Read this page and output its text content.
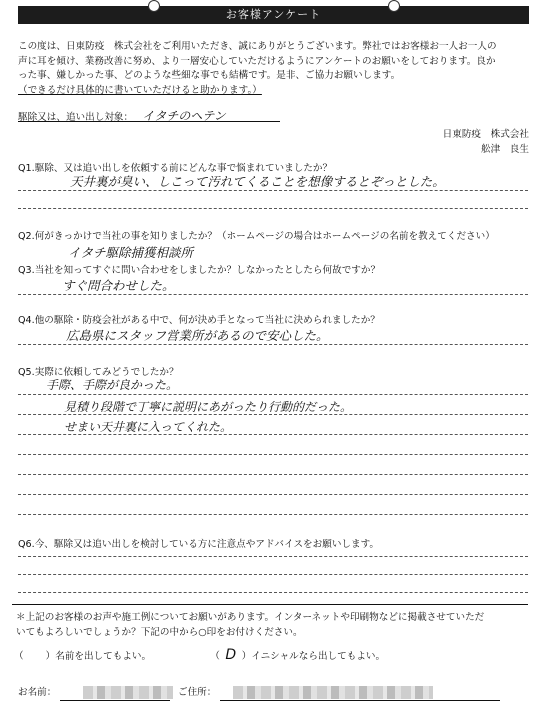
お客様アンケート

この度は、日東防疫　株式会社をご利用いただき、誠にありがとうございます。弊社ではお客様お一人お一人の

声に耳を傾け、業務改善に努め、より一層安心していただけるようにアンケートのお願いをしております。良か

った事、嫌しかった事、どのような些細な事でも結構です。是非、ご協力お願いします。

（できるだけ具体的に書いていただけると助かります。）

駆除又は、追い出し対象： イタチのヘテン
日東防疫　株式会社
舩津　良生
Q1.駆除、又は追い出しを依頼する前にどんな事で悩まれていましたか？
天井裏が臭い、しこって汚れてくることを想像するとぞっとした。
Q2.何がきっかけで当社の事を知りましたか？（ホームページの場合はホームページの名前を教えてください）
イタチ駆除捕獲相談所
Q3.当社を知ってすぐに問い合わせをしましたか？しなかったとしたら何故ですか？
すぐ問合わせした。
Q4.他の駆除・防疫会社がある中で、何が決め手となって当社に決められましたか？
広島県にスタッフ営業所があるので安心した。
Q5.実際に依頼してみどうでしたか？
手際、手際が良かった。
見積り段階で丁寧に説明にあがったり行動的だった。
せまい天井裏に入ってくれた。
Q6.今、駆除又は追い出しを検討している方に注意点やアドバイスをお願いします。

＊上記のお客様のお声や施工例についてお願いがあります。インターネットや印刷物などに掲載させていただ

いてもよろしいでしょうか？下記の中から○印をお付けください。

（ ）名前を出してもよい。	（ D ）イニシャルなら出してもよい。
お名前：	ご住所：
